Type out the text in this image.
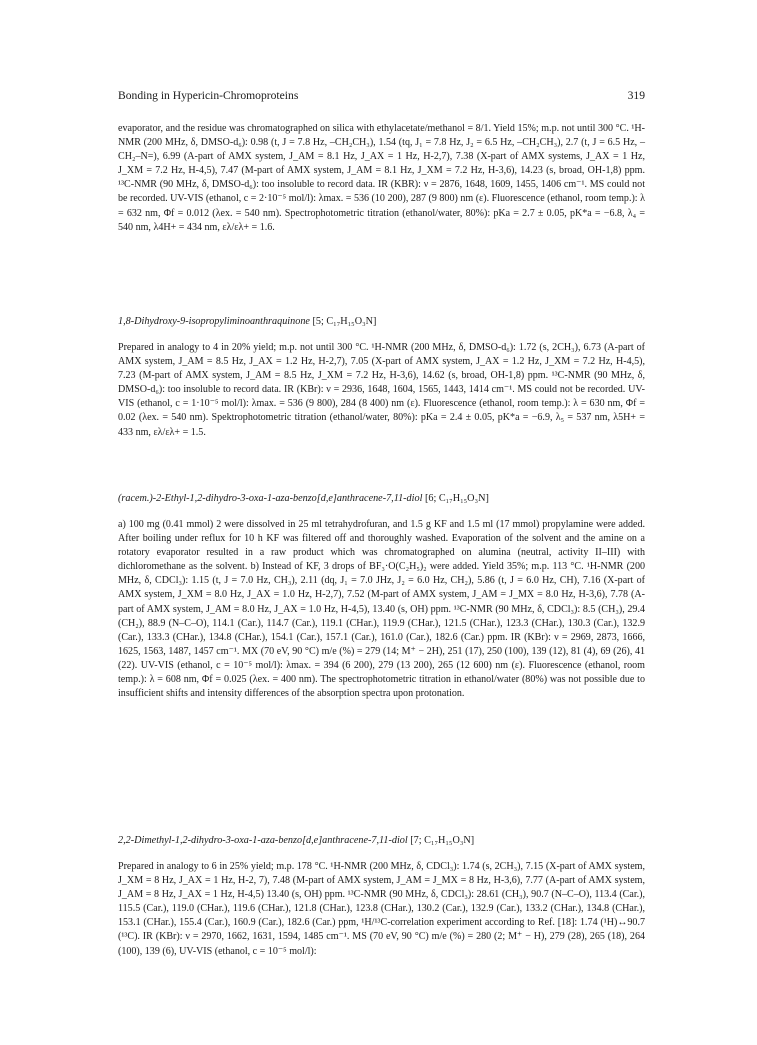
Bonding in Hypericin-Chromoproteins	319

evaporator, and the residue was chromatographed on silica with ethylacetate/methanol = 8/1. Yield 15%; m.p. not until 300 °C. ¹H-NMR (200 MHz, δ, DMSO-d₆): 0.98 (t, J = 7.8 Hz, –CH₂CH₃), 1.54 (tq, J₁ = 7.8 Hz, J₂ = 6.5 Hz, –CH₂CH₃), 2.7 (t, J = 6.5 Hz, –CH₂–N=), 6.99 (A-part of AMX system, J_AM = 8.1 Hz, J_AX = 1 Hz, H-2,7), 7.38 (X-part of AMX systems, J_AX = 1 Hz, J_XM = 7.2 Hz, H-4,5), 7.47 (M-part of AMX system, J_AM = 8.1 Hz, J_XM = 7.2 Hz, H-3,6), 14.23 (s, broad, OH-1,8) ppm. ¹³C-NMR (90 MHz, δ, DMSO-d₆): too insoluble to record data. IR (KBR): ν = 2876, 1648, 1609, 1455, 1406 cm⁻¹. MS could not be recorded. UV-VIS (ethanol, c = 2·10⁻⁵ mol/l): λmax. = 536 (10 200), 287 (9 800) nm (ε). Fluorescence (ethanol, room temp.): λ = 632 nm, Φf = 0.012 (λex. = 540 nm). Spectrophotometric titration (ethanol/water, 80%): pKa = 2.7 ± 0.05, pK*a = −6.8, λ₄ = 540 nm, λ4H+ = 434 nm, ελ/ελ+ = 1.6.

1,8-Dihydroxy-9-isopropyliminoanthraquinone [5; C₁₇H₁₅O₃N]

Prepared in analogy to 4 in 20% yield; m.p. not until 300 °C. ¹H-NMR (200 MHz, δ, DMSO-d₆): 1.72 (s, 2CH₃), 6.73 (A-part of AMX system, J_AM = 8.5 Hz, J_AX = 1.2 Hz, H-2,7), 7.05 (X-part of AMX system, J_AX = 1.2 Hz, J_XM = 7.2 Hz, H-4,5), 7.23 (M-part of AMX system, J_AM = 8.5 Hz, J_XM = 7.2 Hz, H-3,6), 14.62 (s, broad, OH-1,8) ppm. ¹³C-NMR (90 MHz, δ, DMSO-d₆): too insoluble to record data. IR (KBr): ν = 2936, 1648, 1604, 1565, 1443, 1414 cm⁻¹. MS could not be recorded. UV-VIS (ethanol, c = 1·10⁻⁵ mol/l): λmax. = 536 (9 800), 284 (8 400) nm (ε). Fluorescence (ethanol, room temp.): λ = 630 nm, Φf = 0.02 (λex. = 540 nm). Spektrophotometric titration (ethanol/water, 80%): pKa = 2.4 ± 0.05, pK*a = −6.9, λ₅ = 537 nm, λ5H+ = 433 nm, ελ/ελ+ = 1.5.

(racem.)-2-Ethyl-1,2-dihydro-3-oxa-1-aza-benzo[d,e]anthracene-7,11-diol [6; C₁₇H₁₅O₃N]

a) 100 mg (0.41 mmol) 2 were dissolved in 25 ml tetrahydrofuran, and 1.5 g KF and 1.5 ml (17 mmol) propylamine were added. After boiling under reflux for 10 h KF was filtered off and thoroughly washed. Evaporation of the solvent and the amine on a rotatory evaporator resulted in a raw product which was chromatographed on alumina (neutral, activity II–III) with dichloromethane as the solvent. b) Instead of KF, 3 drops of BF₃·O(C₂H₅)₂ were added. Yield 35%; m.p. 113 °C. ¹H-NMR (200 MHz, δ, CDCl₃): 1.15 (t, J = 7.0 Hz, CH₃), 2.11 (dq, J₁ = 7.0 JHz, J₂ = 6.0 Hz, CH₂), 5.86 (t, J = 6.0 Hz, CH), 7.16 (X-part of AMX system, J_XM = 8.0 Hz, J_AX = 1.0 Hz, H-2,7), 7.52 (M-part of AMX system, J_AM = J_MX = 8.0 Hz, H-3,6), 7.78 (A-part of AMX system, J_AM = 8.0 Hz, J_AX = 1.0 Hz, H-4,5), 13.40 (s, OH) ppm. ¹³C-NMR (90 MHz, δ, CDCl₃): 8.5 (CH₃), 29.4 (CH₂), 88.9 (N–C–O), 114.1 (Car.), 114.7 (Car.), 119.1 (CHar.), 119.9 (CHar.), 121.5 (CHar.), 123.3 (CHar.), 130.3 (Car.), 132.9 (Car.), 133.3 (CHar.), 134.8 (CHar.), 154.1 (Car.), 157.1 (Car.), 161.0 (Car.), 182.6 (Car.) ppm. IR (KBr): ν = 2969, 2873, 1666, 1625, 1563, 1487, 1457 cm⁻¹. MX (70 eV, 90 °C) m/e (%) = 279 (14; M⁺ − 2H), 251 (17), 250 (100), 139 (12), 81 (4), 69 (26), 41 (22). UV-VIS (ethanol, c = 10⁻⁵ mol/l): λmax. = 394 (6 200), 279 (13 200), 265 (12 600) nm (ε). Fluorescence (ethanol, room temp.): λ = 608 nm, Φf = 0.025 (λex. = 400 nm). The spectrophotometric titration in ethanol/water (80%) was not possible due to insufficient shifts and intensity differences of the absorption spectra upon protonation.

2,2-Dimethyl-1,2-dihydro-3-oxa-1-aza-benzo[d,e]anthracene-7,11-diol [7; C₁₇H₁₅O₃N]

Prepared in analogy to 6 in 25% yield; m.p. 178 °C. ¹H-NMR (200 MHz, δ, CDCl₃): 1.74 (s, 2CH₃), 7.15 (X-part of AMX system, J_XM = 8 Hz, J_AX = 1 Hz, H-2, 7), 7.48 (M-part of AMX system, J_AM = J_MX = 8 Hz, H-3,6), 7.77 (A-part of AMX system, J_AM = 8 Hz, J_AX = 1 Hz, H-4,5) 13.40 (s, OH) ppm. ¹³C-NMR (90 MHz, δ, CDCl₃): 28.61 (CH₃), 90.7 (N–C–O), 113.4 (Car.), 115.5 (Car.), 119.0 (CHar.), 119.6 (CHar.), 121.8 (CHar.), 123.8 (CHar.), 130.2 (Car.), 132.9 (Car.), 133.2 (CHar.), 134.8 (CHar.), 153.1 (CHar.), 155.4 (Car.), 160.9 (Car.), 182.6 (Car.) ppm, ¹H/¹³C-correlation experiment according to Ref. [18]: 1.74 (¹H)↔90.7 (¹³C). IR (KBr): ν = 2970, 1662, 1631, 1594, 1485 cm⁻¹. MS (70 eV, 90 °C) m/e (%) = 280 (2; M⁺ − H), 279 (28), 265 (18), 264 (100), 139 (6), UV-VIS (ethanol, c = 10⁻⁵ mol/l):
